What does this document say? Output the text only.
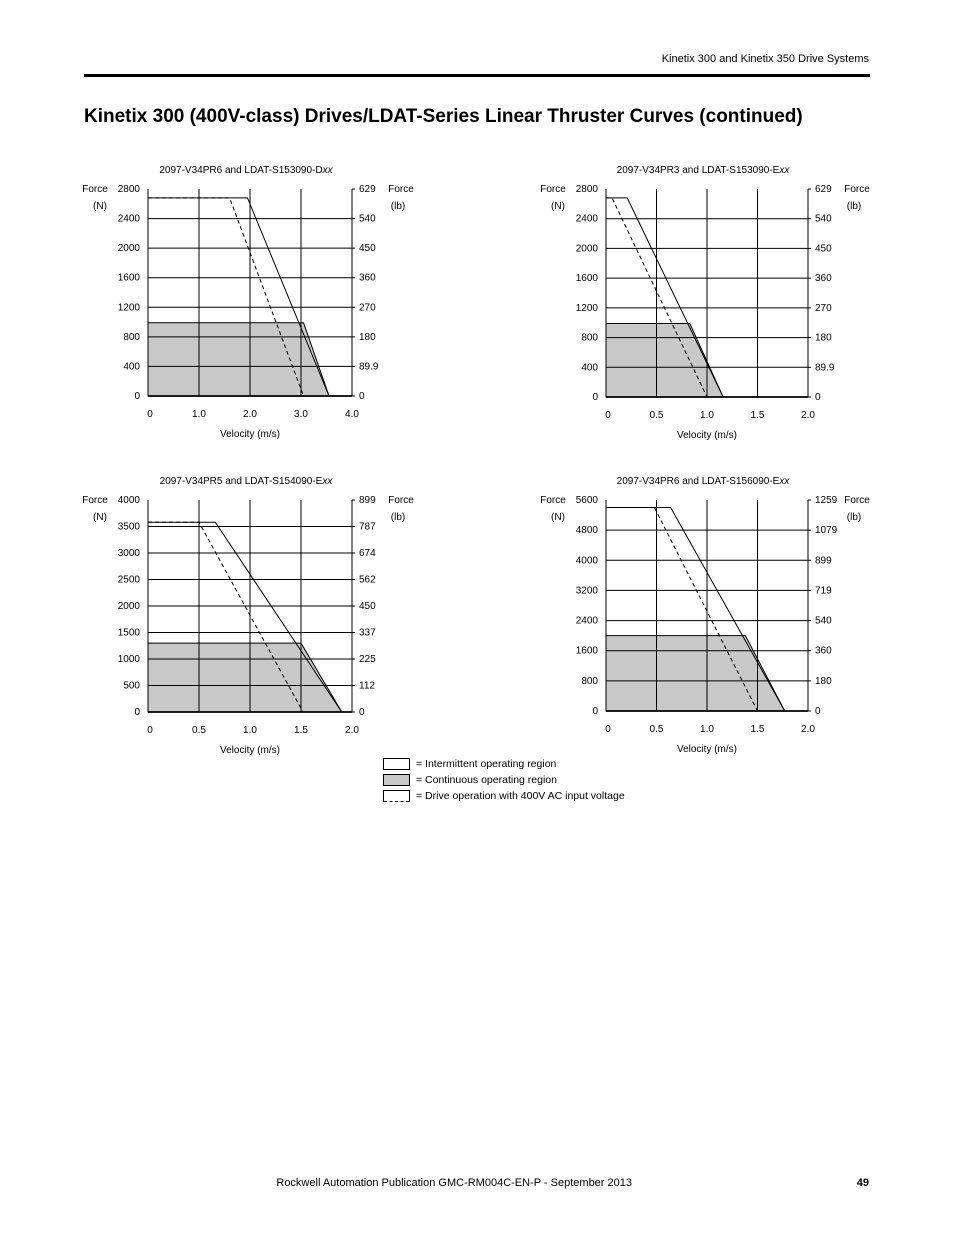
Kinetix 300 and Kinetix 350 Drive Systems
Kinetix 300 (400V-class) Drives/LDAT-Series Linear Thruster Curves (continued)
0	0
400	89.9
800	180
1200	270
1600	360
2000	450
2400	540
2800	629
0	1.0	2.0	3.0	4.0
Velocity (m/s)
Force
(N)
Force
(lb)
2097-V34PR6 and LDAT-S153090-Dxx
0	0
400	89.9
800	180
1200	270
1600	360
2000	450
2400	540
2800	629
0	0.5	1.0	1.5	2.0
Velocity (m/s)
Force
(N)
Force
(lb)
2097-V34PR3 and LDAT-S153090-Exx
0	0
500	112
1000	225
1500	337
2000	450
2500	562
3000	674
3500	787
4000	899
0	0.5	1.0	1.5	2.0
Velocity (m/s)
Force
(N)
Force
(lb)
2097-V34PR5 and LDAT-S154090-Exx
0	0
800	180
1600	360
2400	540
3200	719
4000	899
4800	1079
5600	1259
0	0.5	1.0	1.5	2.0
Velocity (m/s)
Force
(N)
Force
(lb)
2097-V34PR6 and LDAT-S156090-Exx
= Intermittent operating region
= Continuous operating region
= Drive operation with 400V AC input voltage
Rockwell Automation Publication GMC-RM004C-EN-P - September 2013	49
